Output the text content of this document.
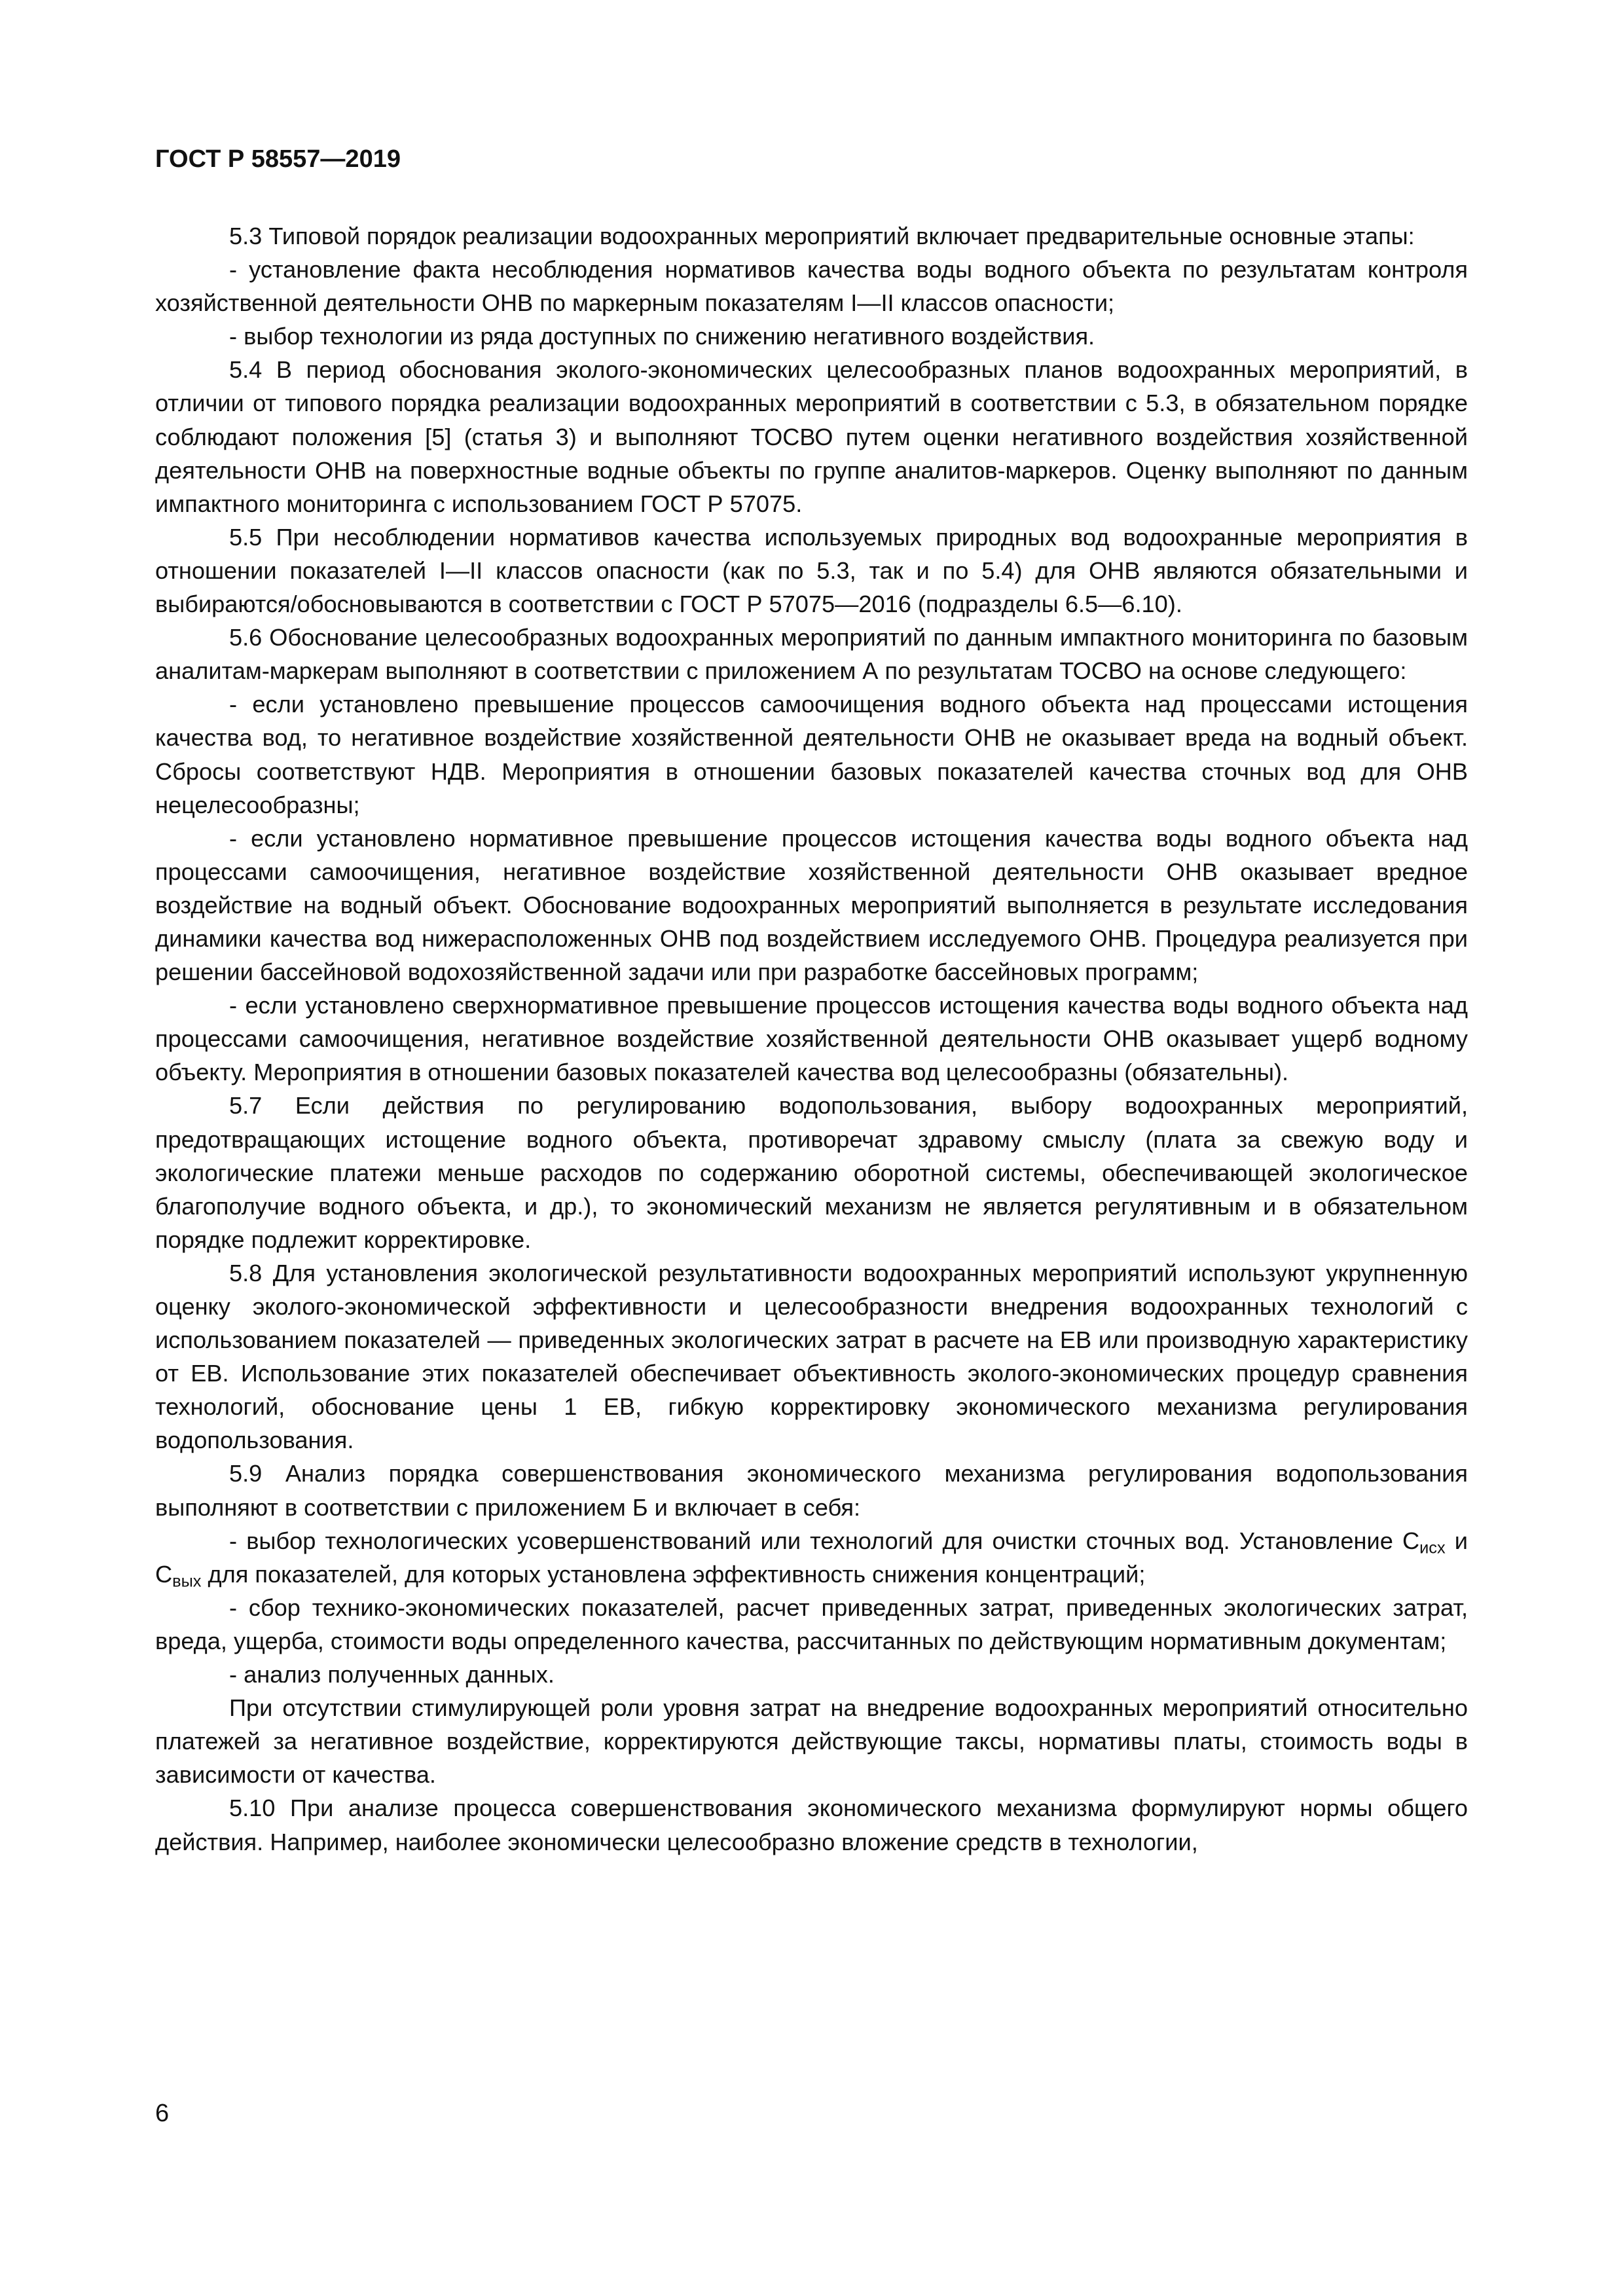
ГОСТ Р 58557—2019

5.3 Типовой порядок реализации водоохранных мероприятий включает предварительные основные этапы:

- установление факта несоблюдения нормативов качества воды водного объекта по результатам контроля хозяйственной деятельности ОНВ по маркерным показателям I—II классов опасности;

- выбор технологии из ряда доступных по снижению негативного воздействия.

5.4 В период обоснования эколого-экономических целесообразных планов водоохранных мероприятий, в отличии от типового порядка реализации водоохранных мероприятий в соответствии с 5.3, в обязательном порядке соблюдают положения [5] (статья 3) и выполняют ТОСВО путем оценки негативного воздействия хозяйственной деятельности ОНВ на поверхностные водные объекты по группе аналитов-маркеров. Оценку выполняют по данным импактного мониторинга с использованием ГОСТ Р 57075.

5.5 При несоблюдении нормативов качества используемых природных вод водоохранные мероприятия в отношении показателей I—II классов опасности (как по 5.3, так и по 5.4) для ОНВ являются обязательными и выбираются/обосновываются в соответствии с ГОСТ Р 57075—2016 (подразделы 6.5—6.10).

5.6 Обоснование целесообразных водоохранных мероприятий по данным импактного мониторинга по базовым аналитам-маркерам выполняют в соответствии с приложением А по результатам ТОСВО на основе следующего:

- если установлено превышение процессов самоочищения водного объекта над процессами истощения качества вод, то негативное воздействие хозяйственной деятельности ОНВ не оказывает вреда на водный объект. Сбросы соответствуют НДВ. Мероприятия в отношении базовых показателей качества сточных вод для ОНВ нецелесообразны;

- если установлено нормативное превышение процессов истощения качества воды водного объекта над процессами самоочищения, негативное воздействие хозяйственной деятельности ОНВ оказывает вредное воздействие на водный объект. Обоснование водоохранных мероприятий выполняется в результате исследования динамики качества вод нижерасположенных ОНВ под воздействием исследуемого ОНВ. Процедура реализуется при решении бассейновой водохозяйственной задачи или при разработке бассейновых программ;

- если установлено сверхнормативное превышение процессов истощения качества воды водного объекта над процессами самоочищения, негативное воздействие хозяйственной деятельности ОНВ оказывает ущерб водному объекту. Мероприятия в отношении базовых показателей качества вод целесообразны (обязательны).

5.7 Если действия по регулированию водопользования, выбору водоохранных мероприятий, предотвращающих истощение водного объекта, противоречат здравому смыслу (плата за свежую воду и экологические платежи меньше расходов по содержанию оборотной системы, обеспечивающей экологическое благополучие водного объекта, и др.), то экономический механизм не является регулятивным и в обязательном порядке подлежит корректировке.

5.8 Для установления экологической результативности водоохранных мероприятий используют укрупненную оценку эколого-экономической эффективности и целесообразности внедрения водоохранных технологий с использованием показателей — приведенных экологических затрат в расчете на ЕВ или производную характеристику от ЕВ. Использование этих показателей обеспечивает объективность эколого-экономических процедур сравнения технологий, обоснование цены 1 ЕВ, гибкую корректировку экономического механизма регулирования водопользования.

5.9 Анализ порядка совершенствования экономического механизма регулирования водопользования выполняют в соответствии с приложением Б и включает в себя:

- выбор технологических усовершенствований или технологий для очистки сточных вод. Установление $С_{исх}$ и $С_{вых}$ для показателей, для которых установлена эффективность снижения концентраций;

- сбор технико-экономических показателей, расчет приведенных затрат, приведенных экологических затрат, вреда, ущерба, стоимости воды определенного качества, рассчитанных по действующим нормативным документам;

- анализ полученных данных.

При отсутствии стимулирующей роли уровня затрат на внедрение водоохранных мероприятий относительно платежей за негативное воздействие, корректируются действующие таксы, нормативы платы, стоимость воды в зависимости от качества.

5.10 При анализе процесса совершенствования экономического механизма формулируют нормы общего действия. Например, наиболее экономически целесообразно вложение средств в технологии,

6
